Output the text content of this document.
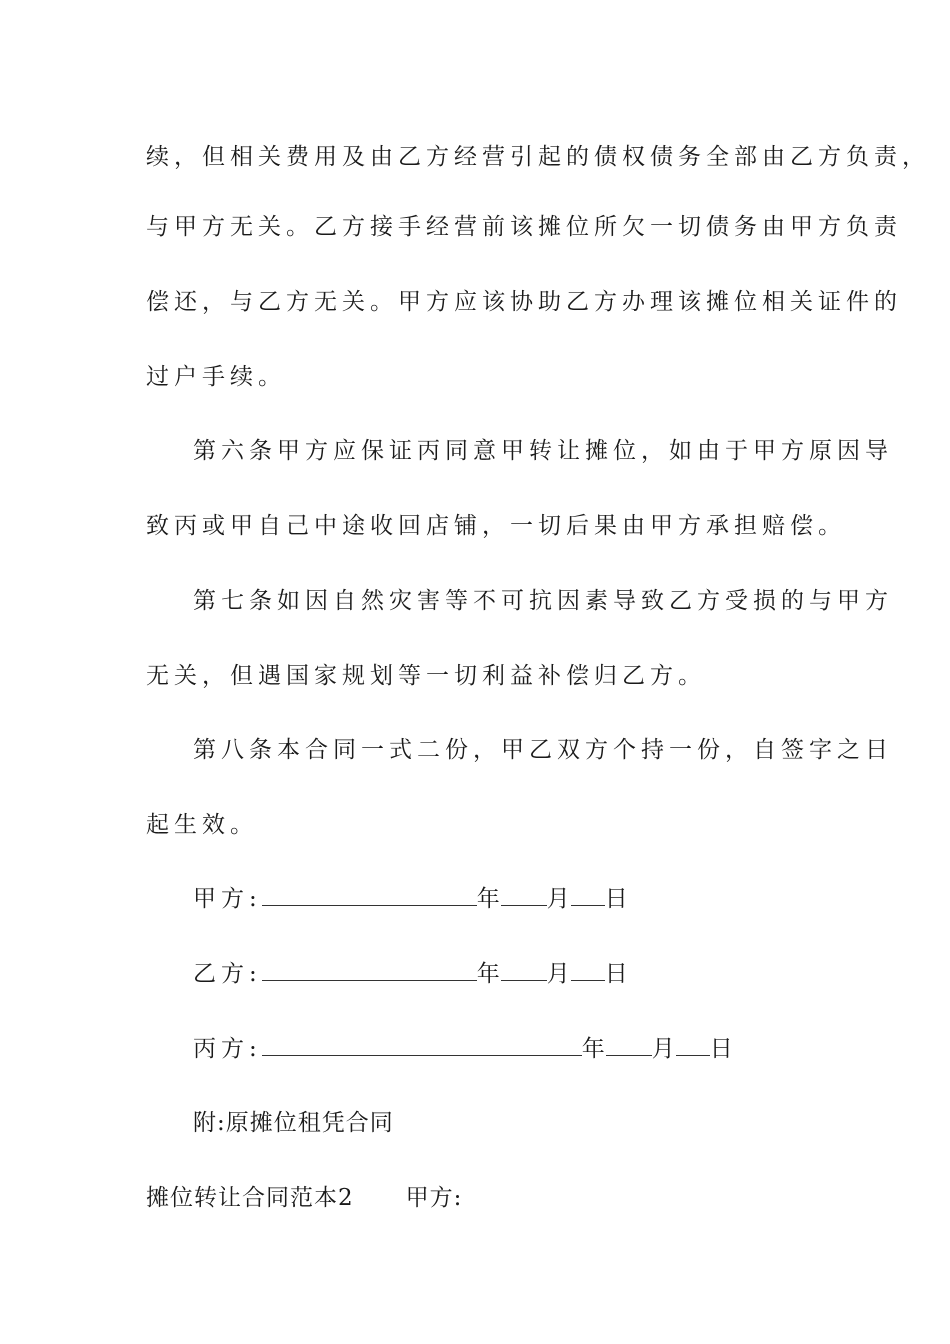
续，但相关费用及由乙方经营引起的债权债务全部由乙方负责，
与甲方无关。乙方接手经营前该摊位所欠一切债务由甲方负责
偿还，与乙方无关。甲方应该协助乙方办理该摊位相关证件的
过户手续。
第六条甲方应保证丙同意甲转让摊位，如由于甲方原因导
致丙或甲自己中途收回店铺，一切后果由甲方承担赔偿。
第七条如因自然灾害等不可抗因素导致乙方受损的与甲方
无关，但遇国家规划等一切利益补偿归乙方。
第八条本合同一式二份，甲乙双方个持一份，自签字之日
起生效。
甲方:	年 月 日
乙方:	年 月 日
丙方:	年 月 日
附:原摊位租凭合同
摊位转让合同范本2 甲方:
